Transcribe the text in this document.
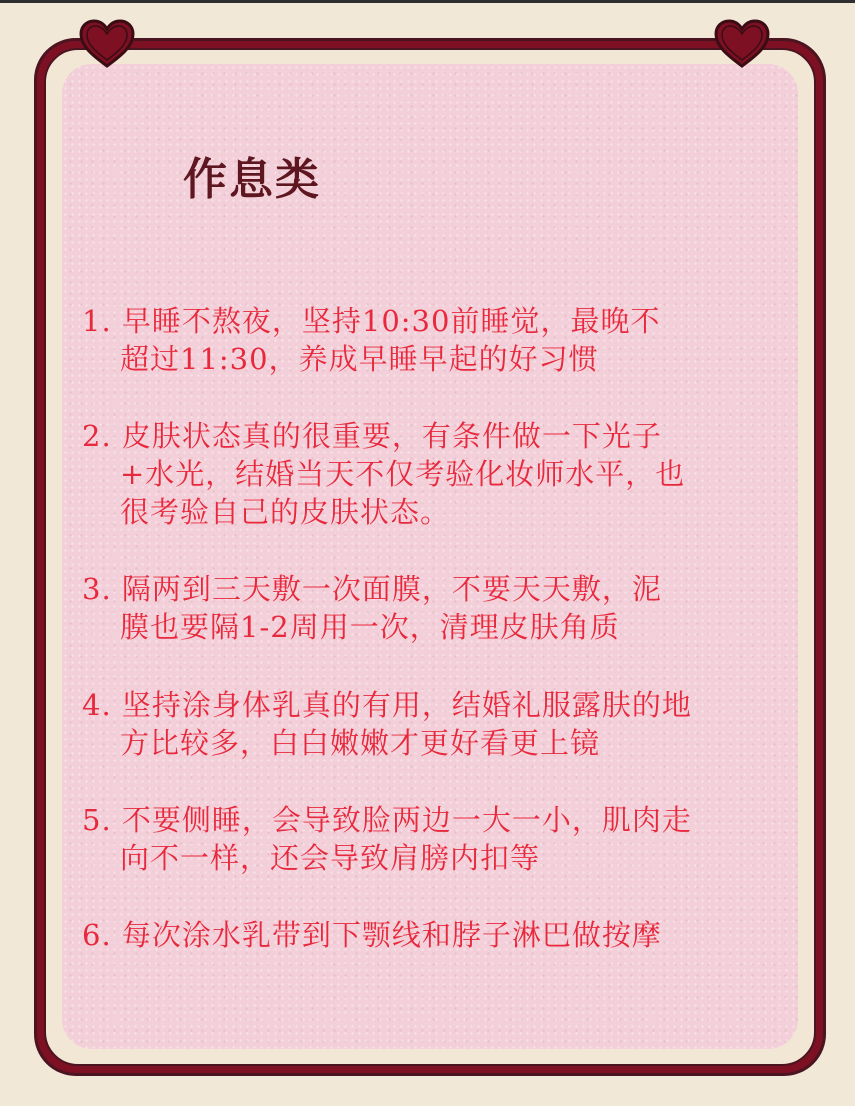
作息类
1. 早睡不熬夜，坚持10:30前睡觉，最晚不
超过11:30，养成早睡早起的好习惯
2. 皮肤状态真的很重要，有条件做一下光子
+水光，结婚当天不仅考验化妆师水平，也
很考验自己的皮肤状态。
3. 隔两到三天敷一次面膜，不要天天敷，泥
膜也要隔1-2周用一次，清理皮肤角质
4. 坚持涂身体乳真的有用，结婚礼服露肤的地
方比较多，白白嫩嫩才更好看更上镜
5. 不要侧睡，会导致脸两边一大一小，肌肉走
向不一样，还会导致肩膀内扣等
6. 每次涂水乳带到下颚线和脖子淋巴做按摩
